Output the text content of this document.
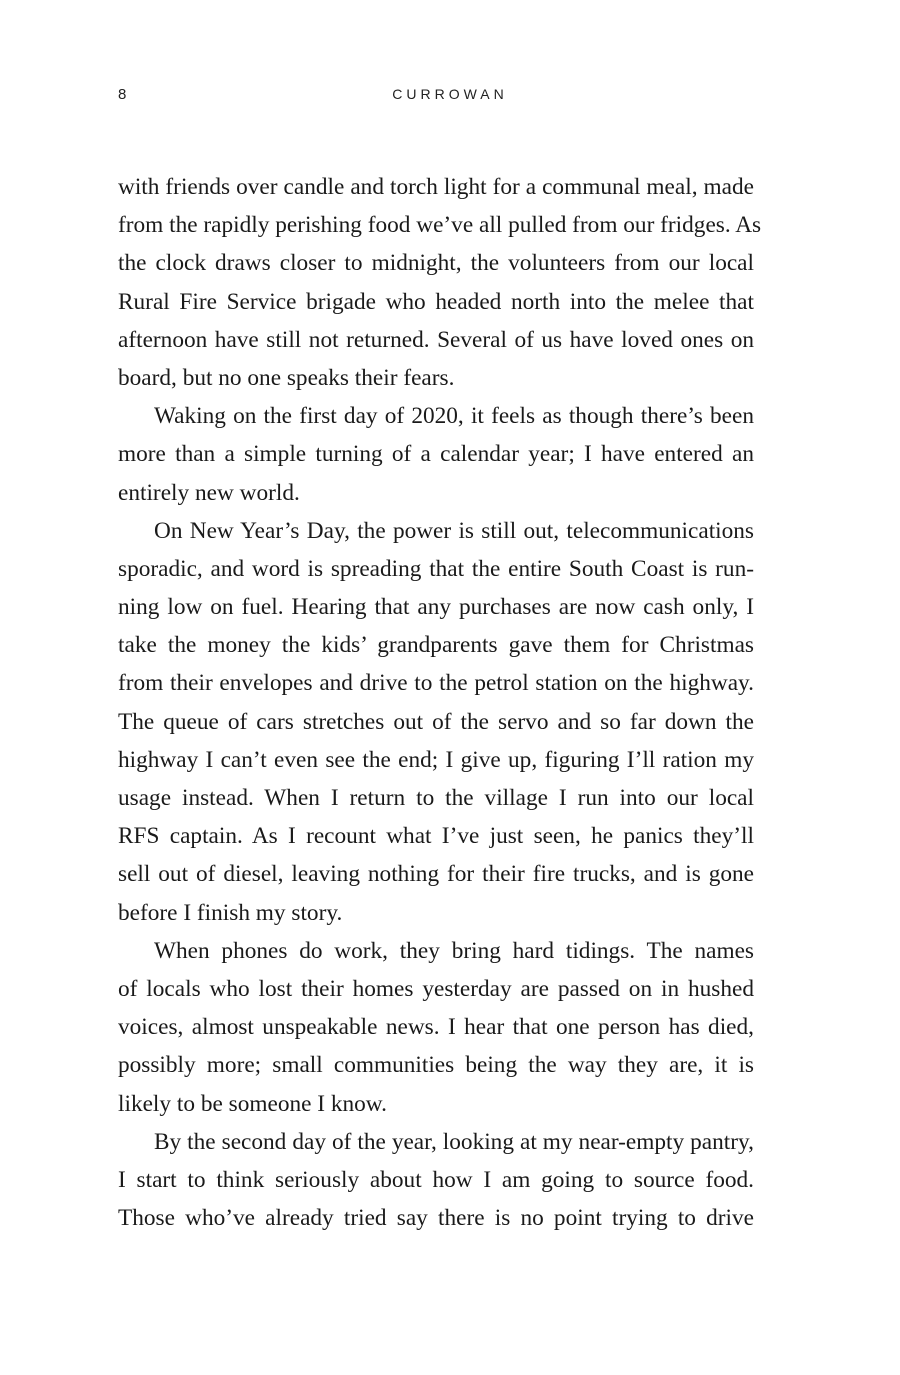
8	CURROWAN
with friends over candle and torch light for a communal meal, made
from the rapidly perishing food we’ve all pulled from our fridges. As
the clock draws closer to midnight, the volunteers from our local
Rural Fire Service brigade who headed north into the melee that
afternoon have still not returned. Several of us have loved ones on
board, but no one speaks their fears.
Waking on the first day of 2020, it feels as though there’s been
more than a simple turning of a calendar year; I have entered an
entirely new world.
On New Year’s Day, the power is still out, telecommunications
sporadic, and word is spreading that the entire South Coast is run-
ning low on fuel. Hearing that any purchases are now cash only, I
take the money the kids’ grandparents gave them for Christmas
from their envelopes and drive to the petrol station on the highway.
The queue of cars stretches out of the servo and so far down the
highway I can’t even see the end; I give up, figuring I’ll ration my
usage instead. When I return to the village I run into our local
RFS captain. As I recount what I’ve just seen, he panics they’ll
sell out of diesel, leaving nothing for their fire trucks, and is gone
before I finish my story.
When phones do work, they bring hard tidings. The names
of locals who lost their homes yesterday are passed on in hushed
voices, almost unspeakable news. I hear that one person has died,
possibly more; small communities being the way they are, it is
likely to be someone I know.
By the second day of the year, looking at my near-empty pantry,
I start to think seriously about how I am going to source food.
Those who’ve already tried say there is no point trying to drive
